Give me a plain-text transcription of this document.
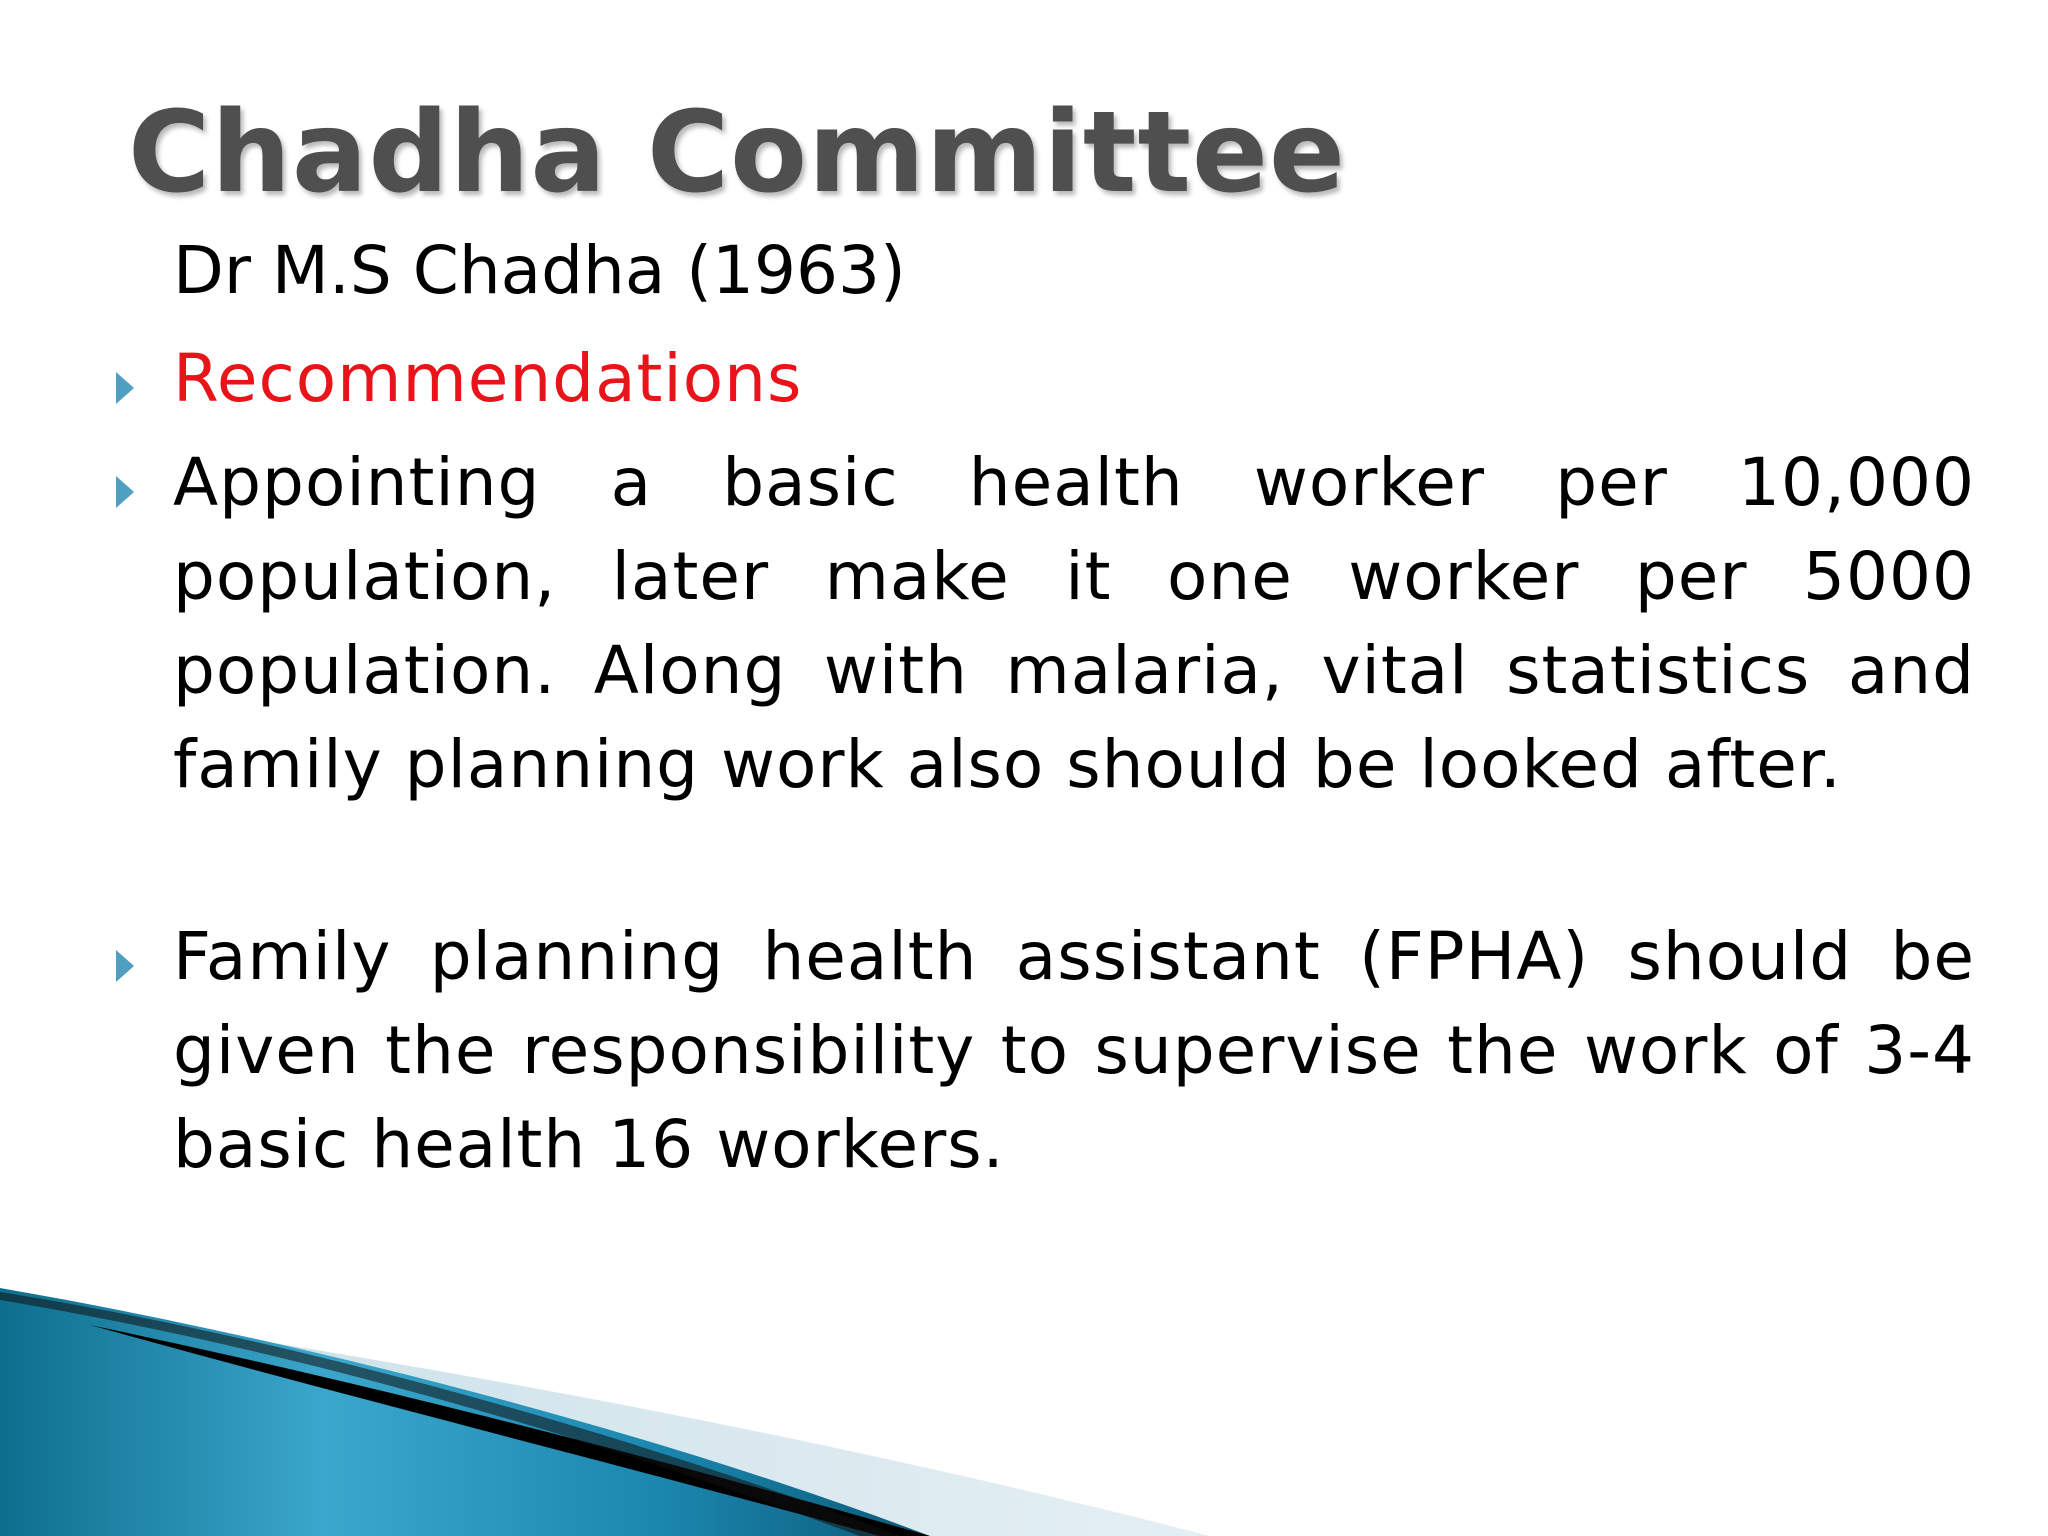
Chadha Committee
Dr M.S Chadha (1963)
Recommendations
Appointing a basic health worker per 10,000 population, later make it one worker per 5000 population. Along with malaria, vital statistics and family planning work also should be looked after.
Family planning health assistant (FPHA) should be given the responsibility to supervise the work of 3-4 basic health 16 workers.
